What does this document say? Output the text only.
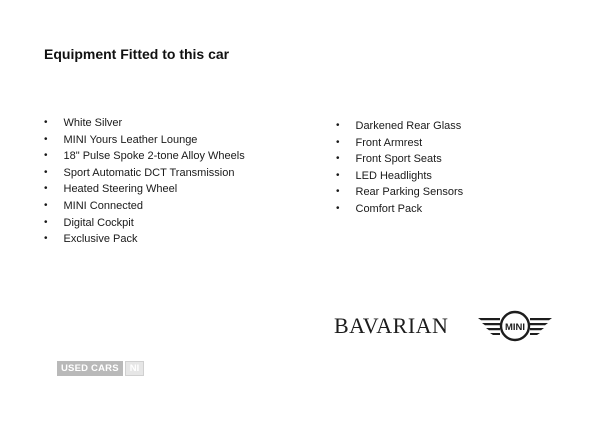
Equipment Fitted to this car
• White Silver
• MINI Yours Leather Lounge
• 18" Pulse Spoke 2-tone Alloy Wheels
• Sport Automatic DCT Transmission
• Heated Steering Wheel
• MINI Connected
• Digital Cockpit
• Exclusive Pack
• Darkened Rear Glass
• Front Armrest
• Front Sport Seats
• LED Headlights
• Rear Parking Sensors
• Comfort Pack
BAVARIAN	MINI
USED CARS	NI
